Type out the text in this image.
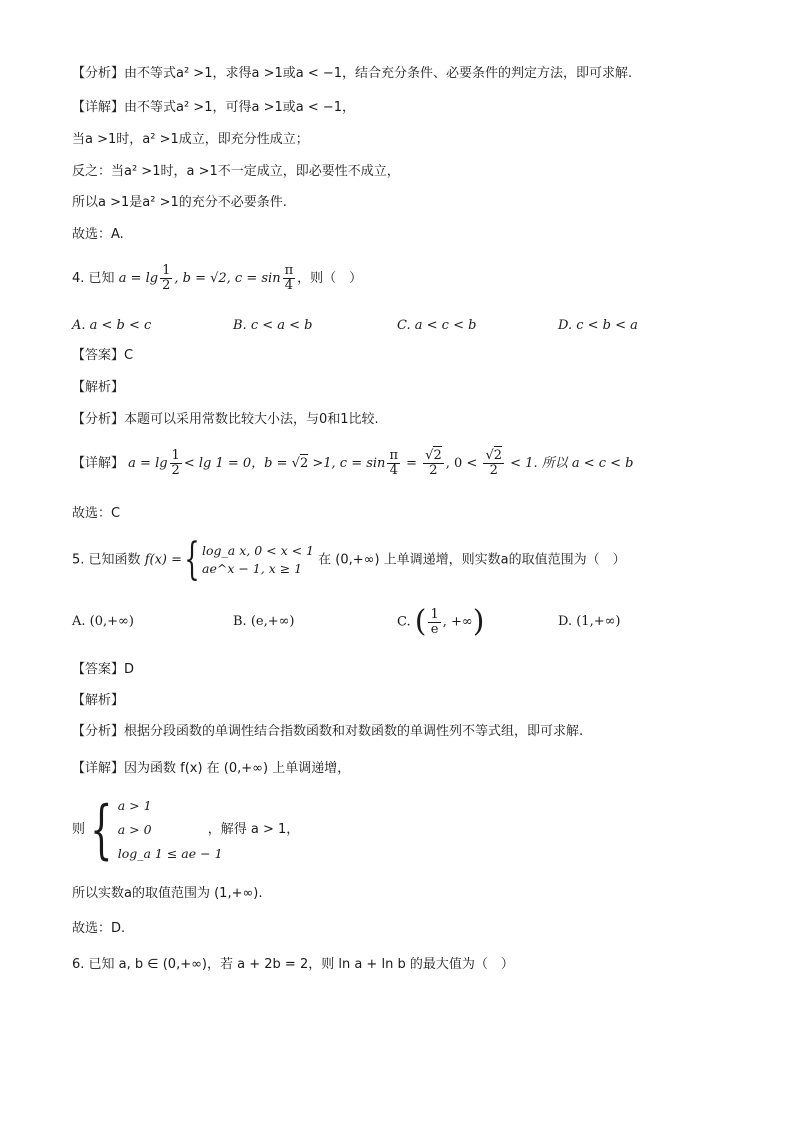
【分析】由不等式a² >1，求得a >1或a < −1，结合充分条件、必要条件的判定方法，即可求解.
【详解】由不等式a² >1，可得a >1或a < −1，
当a >1时，a² >1成立，即充分性成立；
反之：当a² >1时，a >1不一定成立，即必要性不成立，
所以a >1是a² >1的充分不必要条件.
故选：A.
4. 已知 $a = \lg \frac{1}{2}$ , b = √2, $c = \sin \frac{\pi}{4}$ ，则（　）
A. a < b < c	B. c < a < b	C. a < c < b	D. c < b < a
【答案】C
【解析】
【分析】本题可以采用常数比较大小法，与0和1比较.
【详解】 $a = \lg \frac{1}{2} < \lg 1 = 0$，b = √2 >1, $c = \sin \frac{\pi}{4} = \frac{√2}{2}$ , $0 < \frac{√2}{2} < 1$. 所以 a < c < b
故选：C
5. 已知函数 f(x) ={ log_a x, 0 < x < 1
ae^x − 1, x ≥ 1
在 (0,+∞) 上单调递增，则实数a的取值范围为（　）
A. (0,+∞)	B. (e,+∞)	C. ( $\frac{1}{e}$ , +∞)	D. (1,+∞)
【答案】D
【解析】
【分析】根据分段函数的单调性结合指数函数和对数函数的单调性列不等式组，即可求解.
【详解】因为函数 f(x) 在 (0,+∞) 上单调递增，
则{ a > 1
a > 0
log_a 1 ≤ ae − 1
，解得 a > 1，
所以实数a的取值范围为 (1,+∞).
故选：D.
6. 已知 a, b ∈ (0,+∞)，若 a + 2b = 2，则 ln a + ln b 的最大值为（　）
